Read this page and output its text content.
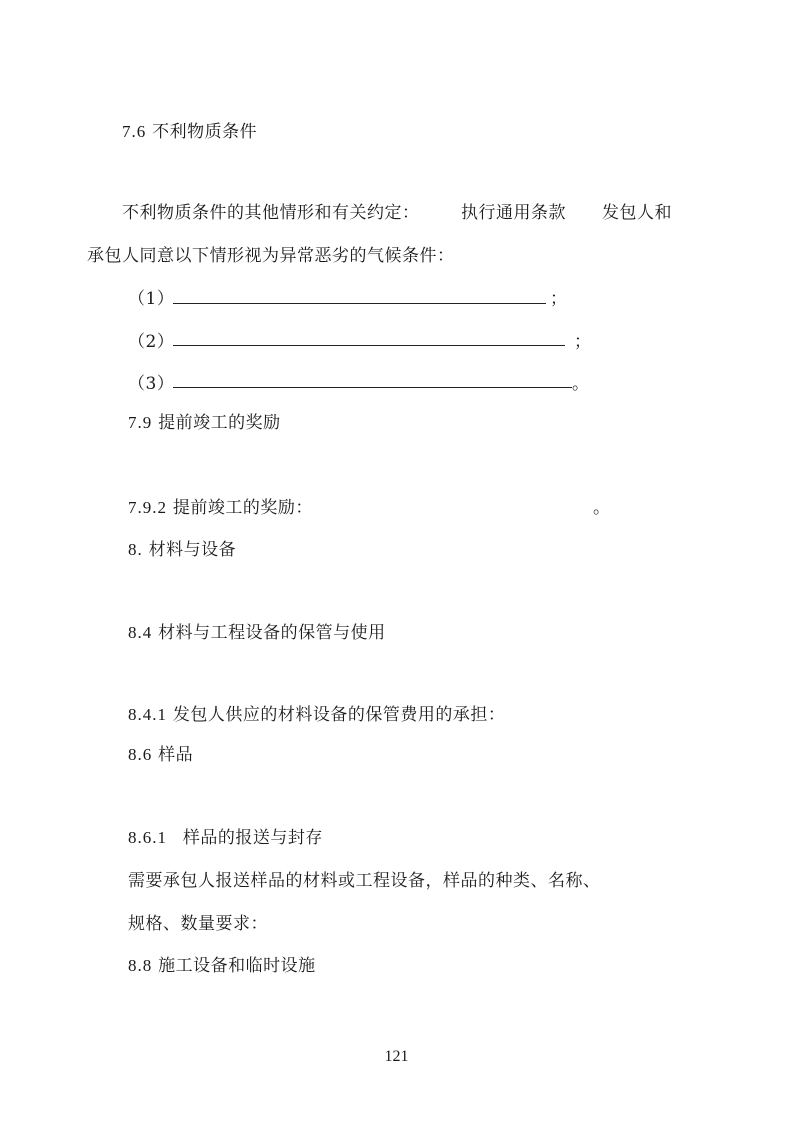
7.6 不利物质条件
不利物质条件的其他情形和有关约定： 执行通用条款 发包人和
承包人同意以下情形视为异常恶劣的气候条件：
（1）	；
（2）	；
（3）	。
7.9 提前竣工的奖励
7.9.2 提前竣工的奖励：	。
8. 材料与设备
8.4 材料与工程设备的保管与使用
8.4.1 发包人供应的材料设备的保管费用的承担：
8.6 样品
8.6.1 样品的报送与封存
需要承包人报送样品的材料或工程设备，样品的种类、名称、
规格、数量要求：
8.8 施工设备和临时设施
121
